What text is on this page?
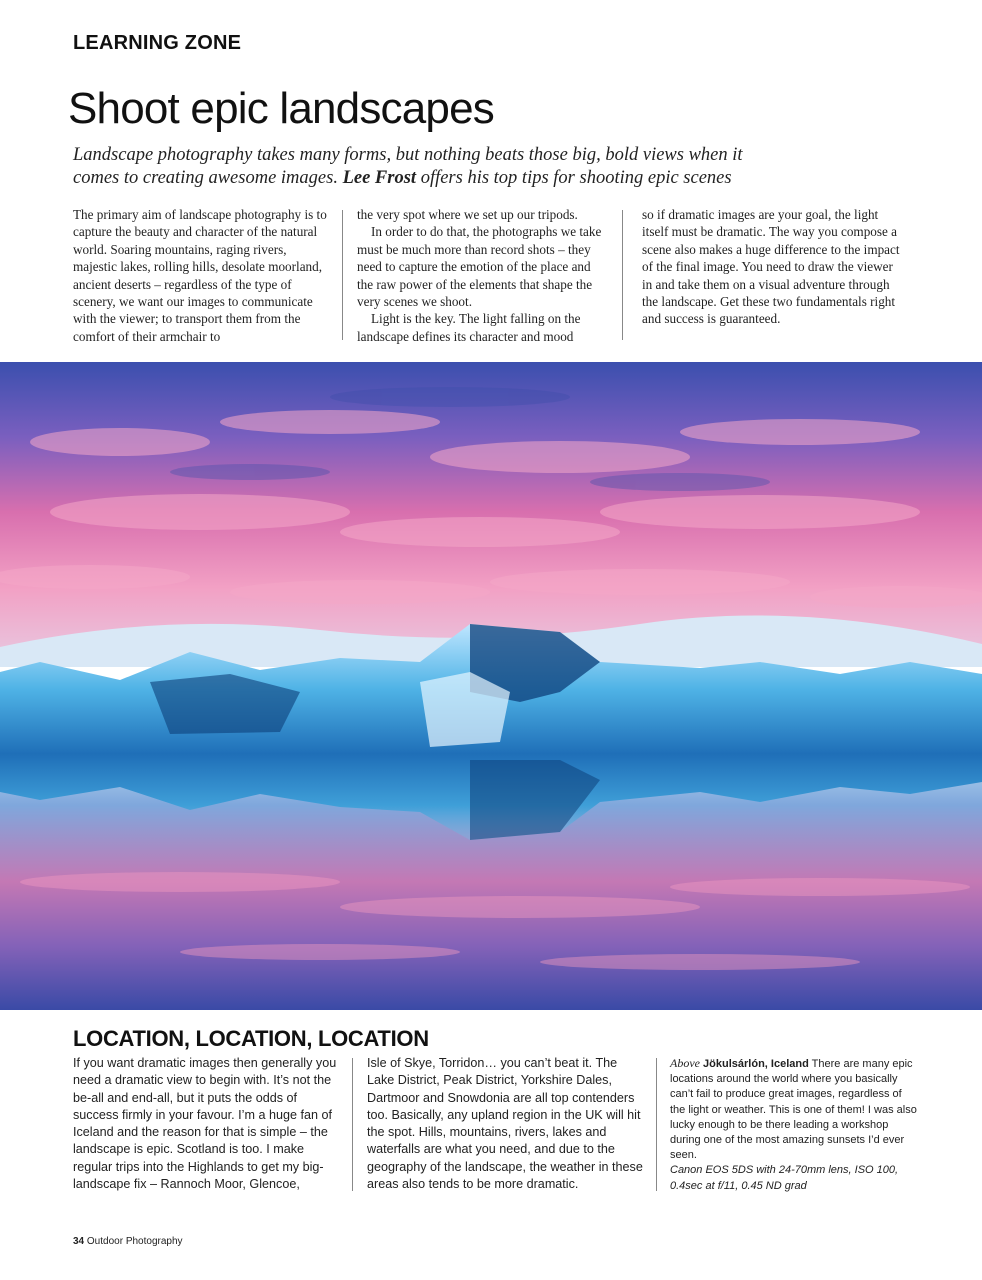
LEARNING ZONE
Shoot epic landscapes

Landscape photography takes many forms, but nothing beats those big, bold views when it comes to creating awesome images. Lee Frost offers his top tips for shooting epic scenes

The primary aim of landscape photography is to capture the beauty and character of the natural world. Soaring mountains, raging rivers, majestic lakes, rolling hills, desolate moorland, ancient deserts – regardless of the type of scenery, we want our images to communicate with the viewer; to transport them from the comfort of their armchair to

the very spot where we set up our tripods.

In order to do that, the photographs we take must be much more than record shots – they need to capture the emotion of the place and the raw power of the elements that shape the very scenes we shoot.

Light is the key. The light falling on the landscape defines its character and mood

so if dramatic images are your goal, the light itself must be dramatic. The way you compose a scene also makes a huge difference to the impact of the final image. You need to draw the viewer in and take them on a visual adventure through the landscape. Get these two fundamentals right and success is guaranteed.

LOCATION, LOCATION, LOCATION

If you want dramatic images then generally you need a dramatic view to begin with. It’s not the be-all and end-all, but it puts the odds of success firmly in your favour. I’m a huge fan of Iceland and the reason for that is simple – the landscape is epic. Scotland is too. I make regular trips into the Highlands to get my big-landscape fix – Rannoch Moor, Glencoe,

Isle of Skye, Torridon… you can’t beat it. The Lake District, Peak District, Yorkshire Dales, Dartmoor and Snowdonia are all top contenders too. Basically, any upland region in the UK will hit the spot. Hills, mountains, rivers, lakes and waterfalls are what you need, and due to the geography of the landscape, the weather in these areas also tends to be more dramatic.

Above Jökulsárlón, Iceland There are many epic locations around the world where you basically can’t fail to produce great images, regardless of the light or weather. This is one of them! I was also lucky enough to be there leading a workshop during one of the most amazing sunsets I’d ever seen.
Canon EOS 5DS with 24-70mm lens, ISO 100, 0.4sec at f/11, 0.45 ND grad
34 Outdoor Photography
